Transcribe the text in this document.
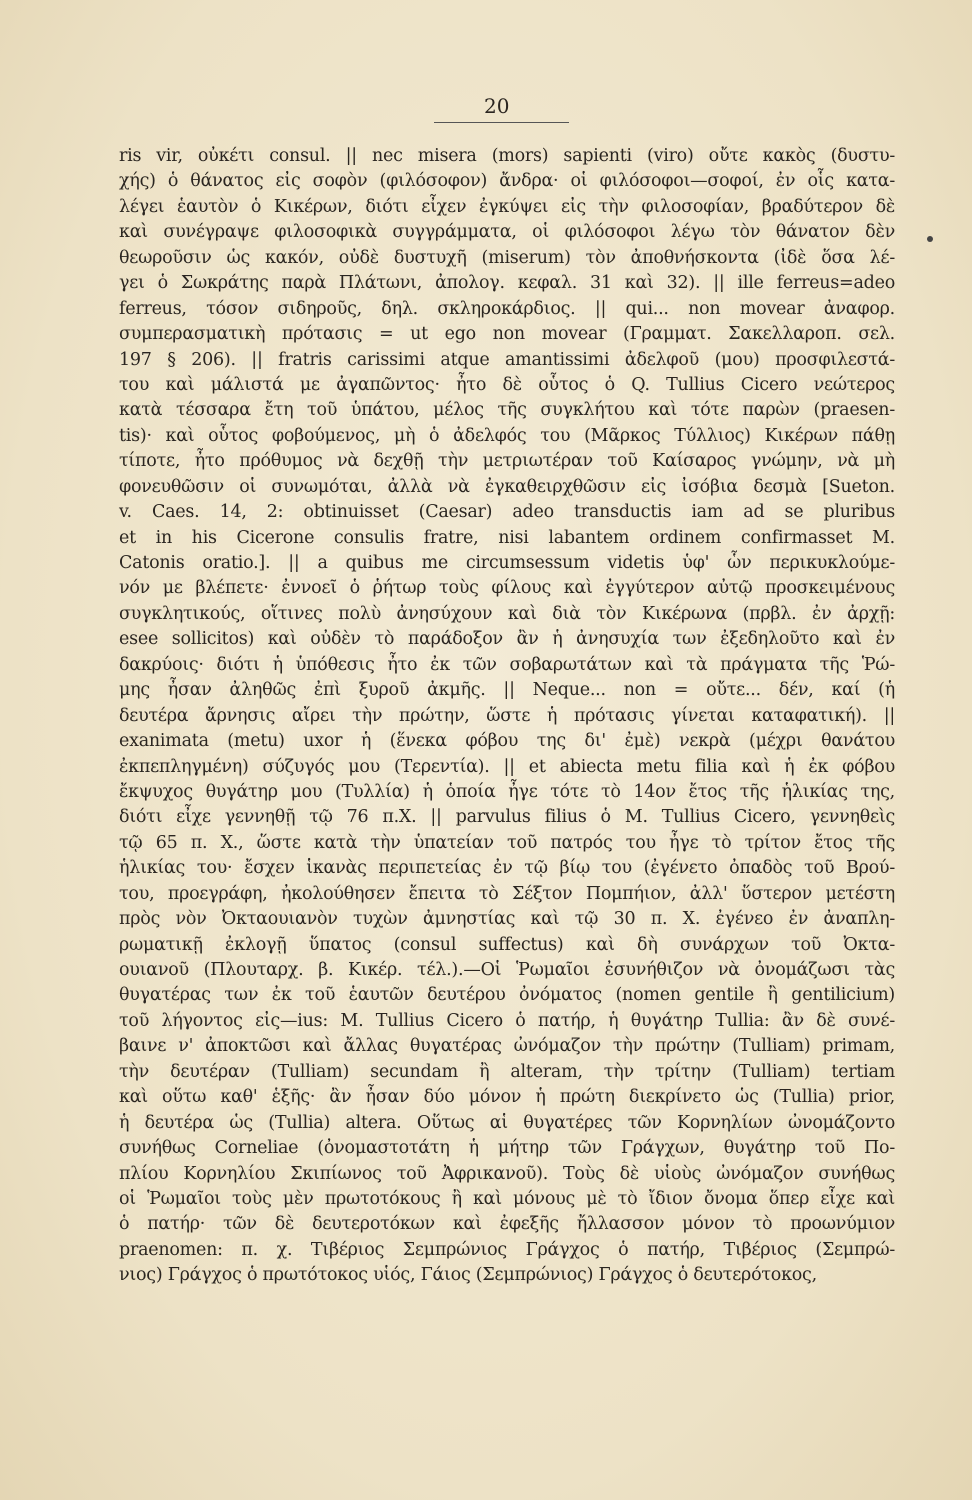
20
ris vir, οὐκέτι consul. || nec misera (mors) sapienti (viro) οὔτε κακὸς (δυστυ-
χής) ὁ θάνατος εἰς σοφὸν (φιλόσοφον) ἄνδρα· οἱ φιλόσοφοι—σοφοί, ἐν οἷς κατα-
λέγει ἑαυτὸν ὁ Κικέρων, διότι εἶχεν ἐγκύψει εἰς τὴν φιλοσοφίαν, βραδύτερον δὲ
καὶ συνέγραψε φιλοσοφικὰ συγγράμματα, οἱ φιλόσοφοι λέγω τὸν θάνατον δὲν
θεωροῦσιν ὡς κακόν, οὐδὲ δυστυχῆ (miserum) τὸν ἀποθνήσκοντα (ἰδὲ ὅσα λέ-
γει ὁ Σωκράτης παρὰ Πλάτωνι, ἀπολογ. κεφαλ. 31 καὶ 32). || ille ferreus=adeo
ferreus, τόσον σιδηροῦς, δηλ. σκληροκάρδιος. || qui... non movear ἀναφορ.
συμπερασματικὴ πρότασις = ut ego non movear (Γραμματ. Σακελλαροπ. σελ.
197 § 206). || fratris carissimi atque amantissimi ἀδελφοῦ (μου) προσφιλεστά-
του καὶ μάλιστά με ἀγαπῶντος· ἦτο δὲ οὗτος ὁ Q. Tullius Cicero νεώτερος
κατὰ τέσσαρα ἔτη τοῦ ὑπάτου, μέλος τῆς συγκλήτου καὶ τότε παρὼν (praesen-
tis)· καὶ οὗτος φοβούμενος, μὴ ὁ ἀδελφός του (Μᾶρκος Τύλλιος) Κικέρων πάθῃ
τίποτε, ἦτο πρόθυμος νὰ δεχθῇ τὴν μετριωτέραν τοῦ Καίσαρος γνώμην, νὰ μὴ
φονευθῶσιν οἱ συνωμόται, ἀλλὰ νὰ ἐγκαθειρχθῶσιν εἰς ἰσόβια δεσμὰ [Sueton.
v. Caes. 14, 2: obtinuisset (Caesar) adeo transductis iam ad se pluribus
et in his Cicerone consulis fratre, nisi labantem ordinem confirmasset M.
Catonis oratio.]. || a quibus me circumsessum videtis ὑφ' ὧν περικυκλούμε-
νόν με βλέπετε· ἐννοεῖ ὁ ῥήτωρ τοὺς φίλους καὶ ἐγγύτερον αὐτῷ προσκειμένους
συγκλητικούς, οἵτινες πολὺ ἀνησύχουν καὶ διὰ τὸν Κικέρωνα (πρβλ. ἐν ἀρχῇ:
esee sollicitos) καὶ οὐδὲν τὸ παράδοξον ἂν ἡ ἀνησυχία των ἐξεδηλοῦτο καὶ ἐν
δακρύοις· διότι ἡ ὑπόθεσις ἦτο ἐκ τῶν σοβαρωτάτων καὶ τὰ πράγματα τῆς Ῥώ-
μης ἦσαν ἀληθῶς ἐπὶ ξυροῦ ἀκμῆς. || Neque... non = οὔτε... δέν, καί (ἡ
δευτέρα ἄρνησις αἴρει τὴν πρώτην, ὥστε ἡ πρότασις γίνεται καταφατική). ||
exanimata (metu) uxor ἡ (ἕνεκα φόβου της δι' ἐμὲ) νεκρὰ (μέχρι θανάτου
ἐκπεπληγμένη) σύζυγός μου (Τερεντία). || et abiecta metu filia καὶ ἡ ἐκ φόβου
ἔκψυχος θυγάτηρ μου (Τυλλία) ἡ ὁποία ἦγε τότε τὸ 14ον ἔτος τῆς ἡλικίας της,
διότι εἶχε γεννηθῇ τῷ 76 π.Χ. || parvulus filius ὁ M. Tullius Cicero, γεννηθεὶς
τῷ 65 π. Χ., ὥστε κατὰ τὴν ὑπατείαν τοῦ πατρός του ἦγε τὸ τρίτον ἔτος τῆς
ἡλικίας του· ἔσχεν ἱκανὰς περιπετείας ἐν τῷ βίῳ του (ἐγένετο ὀπαδὸς τοῦ Βρού-
του, προεγράφη, ἠκολούθησεν ἔπειτα τὸ Σέξτον Πομπήιον, ἀλλ' ὕστερον μετέστη
πρὸς νὸν Ὀκταουιανὸν τυχὼν ἀμνηστίας καὶ τῷ 30 π. Χ. ἐγένεο ἐν ἀναπλη-
ρωματικῇ ἐκλογῇ ὕπατος (consul suffectus) καὶ δὴ συνάρχων τοῦ Ὀκτα-
ουιανοῦ (Πλουταρχ. β. Κικέρ. τέλ.).—Οἱ Ῥωμαῖοι ἐσυνήθιζον νὰ ὀνομάζωσι τὰς
θυγατέρας των ἐκ τοῦ ἑαυτῶν δευτέρου ὀνόματος (nomen gentile ἢ gentilicium)
τοῦ λήγοντος εἰς—ius: M. Tullius Cicero ὁ πατήρ, ἡ θυγάτηρ Tullia: ἂν δὲ συνέ-
βαινε ν' ἀποκτῶσι καὶ ἄλλας θυγατέρας ὠνόμαζον τὴν πρώτην (Tulliam) primam,
τὴν δευτέραν (Tulliam) secundam ἢ alteram, τὴν τρίτην (Tulliam) tertiam
καὶ οὕτω καθ' ἑξῆς· ἂν ἦσαν δύο μόνον ἡ πρώτη διεκρίνετο ὡς (Tullia) prior,
ἡ δευτέρα ὡς (Tullia) altera. Οὕτως αἱ θυγατέρες τῶν Κορνηλίων ὠνομάζοντο
συνήθως Corneliae (ὀνομαστοτάτη ἡ μήτηρ τῶν Γράγχων, θυγάτηρ τοῦ Πο-
πλίου Κορνηλίου Σκιπίωνος τοῦ Ἀφρικανοῦ). Τοὺς δὲ υἱοὺς ὠνόμαζον συνήθως
οἱ Ῥωμαῖοι τοὺς μὲν πρωτοτόκους ἢ καὶ μόνους μὲ τὸ ἴδιον ὄνομα ὅπερ εἶχε καὶ
ὁ πατήρ· τῶν δὲ δευτεροτόκων καὶ ἐφεξῆς ἤλλασσον μόνον τὸ προωνύμιον
praenomen: π. χ. Τιβέριος Σεμπρώνιος Γράγχος ὁ πατήρ, Τιβέριος (Σεμπρώ-
νιος) Γράγχος ὁ πρωτότοκος υἱός, Γάιος (Σεμπρώνιος) Γράγχος ὁ δευτερότοκος,
